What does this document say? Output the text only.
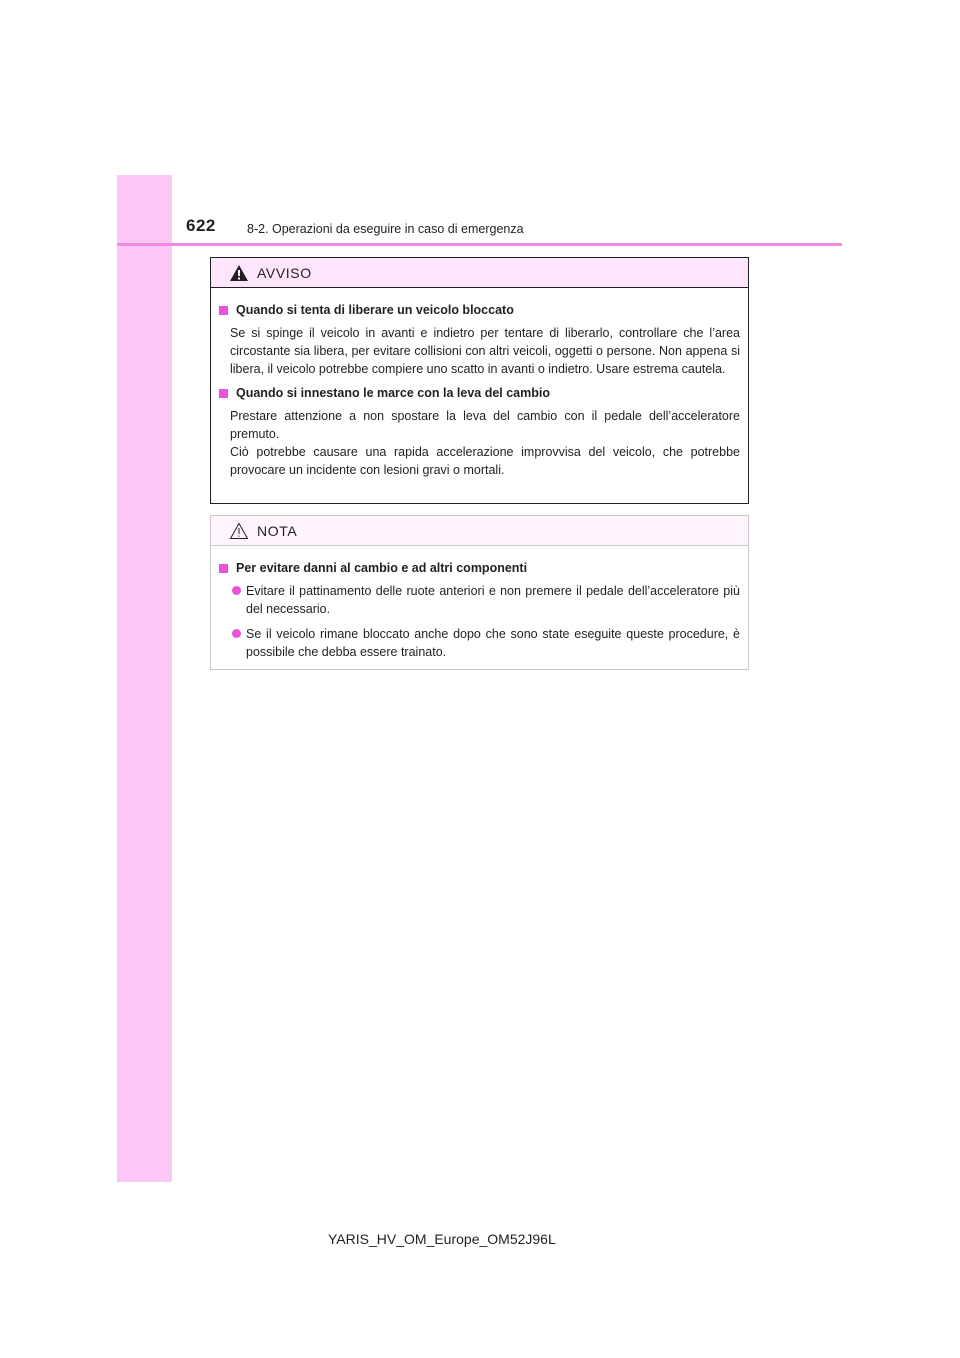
622 8-2. Operazioni da eseguire in caso di emergenza
AVVISO
Quando si tenta di liberare un veicolo bloccato
Se si spinge il veicolo in avanti e indietro per tentare di liberarlo, controllare che l’area circostante sia libera, per evitare collisioni con altri veicoli, oggetti o persone. Non appena si libera, il veicolo potrebbe compiere uno scatto in avanti o indietro. Usare estrema cautela.
Quando si innestano le marce con la leva del cambio
Prestare attenzione a non spostare la leva del cambio con il pedale dell’acceleratore premuto.
Ciò potrebbe causare una rapida accelerazione improvvisa del veicolo, che potrebbe provocare un incidente con lesioni gravi o mortali.
NOTA
Per evitare danni al cambio e ad altri componenti
Evitare il pattinamento delle ruote anteriori e non premere il pedale dell’acceleratore più del necessario.
Se il veicolo rimane bloccato anche dopo che sono state eseguite queste procedure, è possibile che debba essere trainato.
YARIS_HV_OM_Europe_OM52J96L
